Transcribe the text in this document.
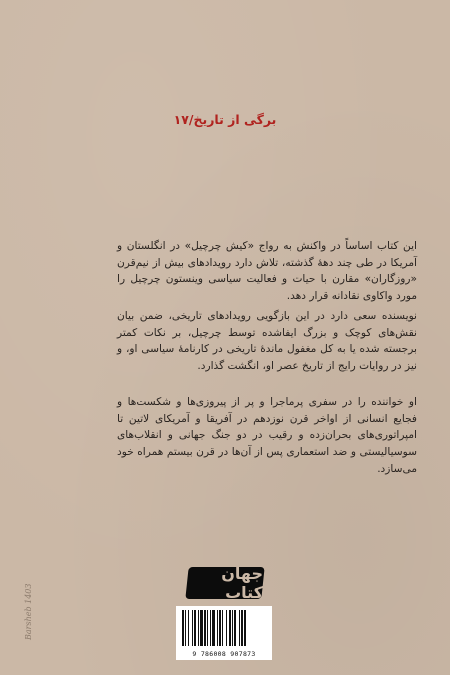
برگی از تاریخ/۱۷

این کتاب اساساً در واکنش به رواج «کیش چرچیل» در انگلستان و آمریکا در طی چند دههٔ گذشته، تلاش دارد رویدادهای بیش از نیم‌قرن «روزگاران» مقارن با حیات و فعالیت سیاسی وینستون چرچیل را مورد واکاوی نقادانه قرار دهد.

نویسنده سعی دارد در این بازگویی رویدادهای تاریخی، ضمن بیان نقش‌های کوچک و بزرگ ایفاشده توسط چرچیل، بر نکات کمتر برجسته شده یا به کل مغفول ماندهٔ تاریخی در کارنامهٔ سیاسی او، و نیز در روایات رایج از تاریخ عصر او، انگشت گذارد.

او خواننده را در سفری پرماجرا و پر از پیروزی‌ها و شکست‌ها و فجایع انسانی از اواخر قرن نوزدهم در آفریقا و آمریکای لاتین تا امپراتوری‌های بحران‌زده و رقیب در دو جنگ جهانی و انقلاب‌های سوسیالیستی و ضد استعماری پس از آن‌ها در قرن بیستم همراه خود می‌سازد.

جهان کتاب
9 786008 907873
Barsheb 1403
